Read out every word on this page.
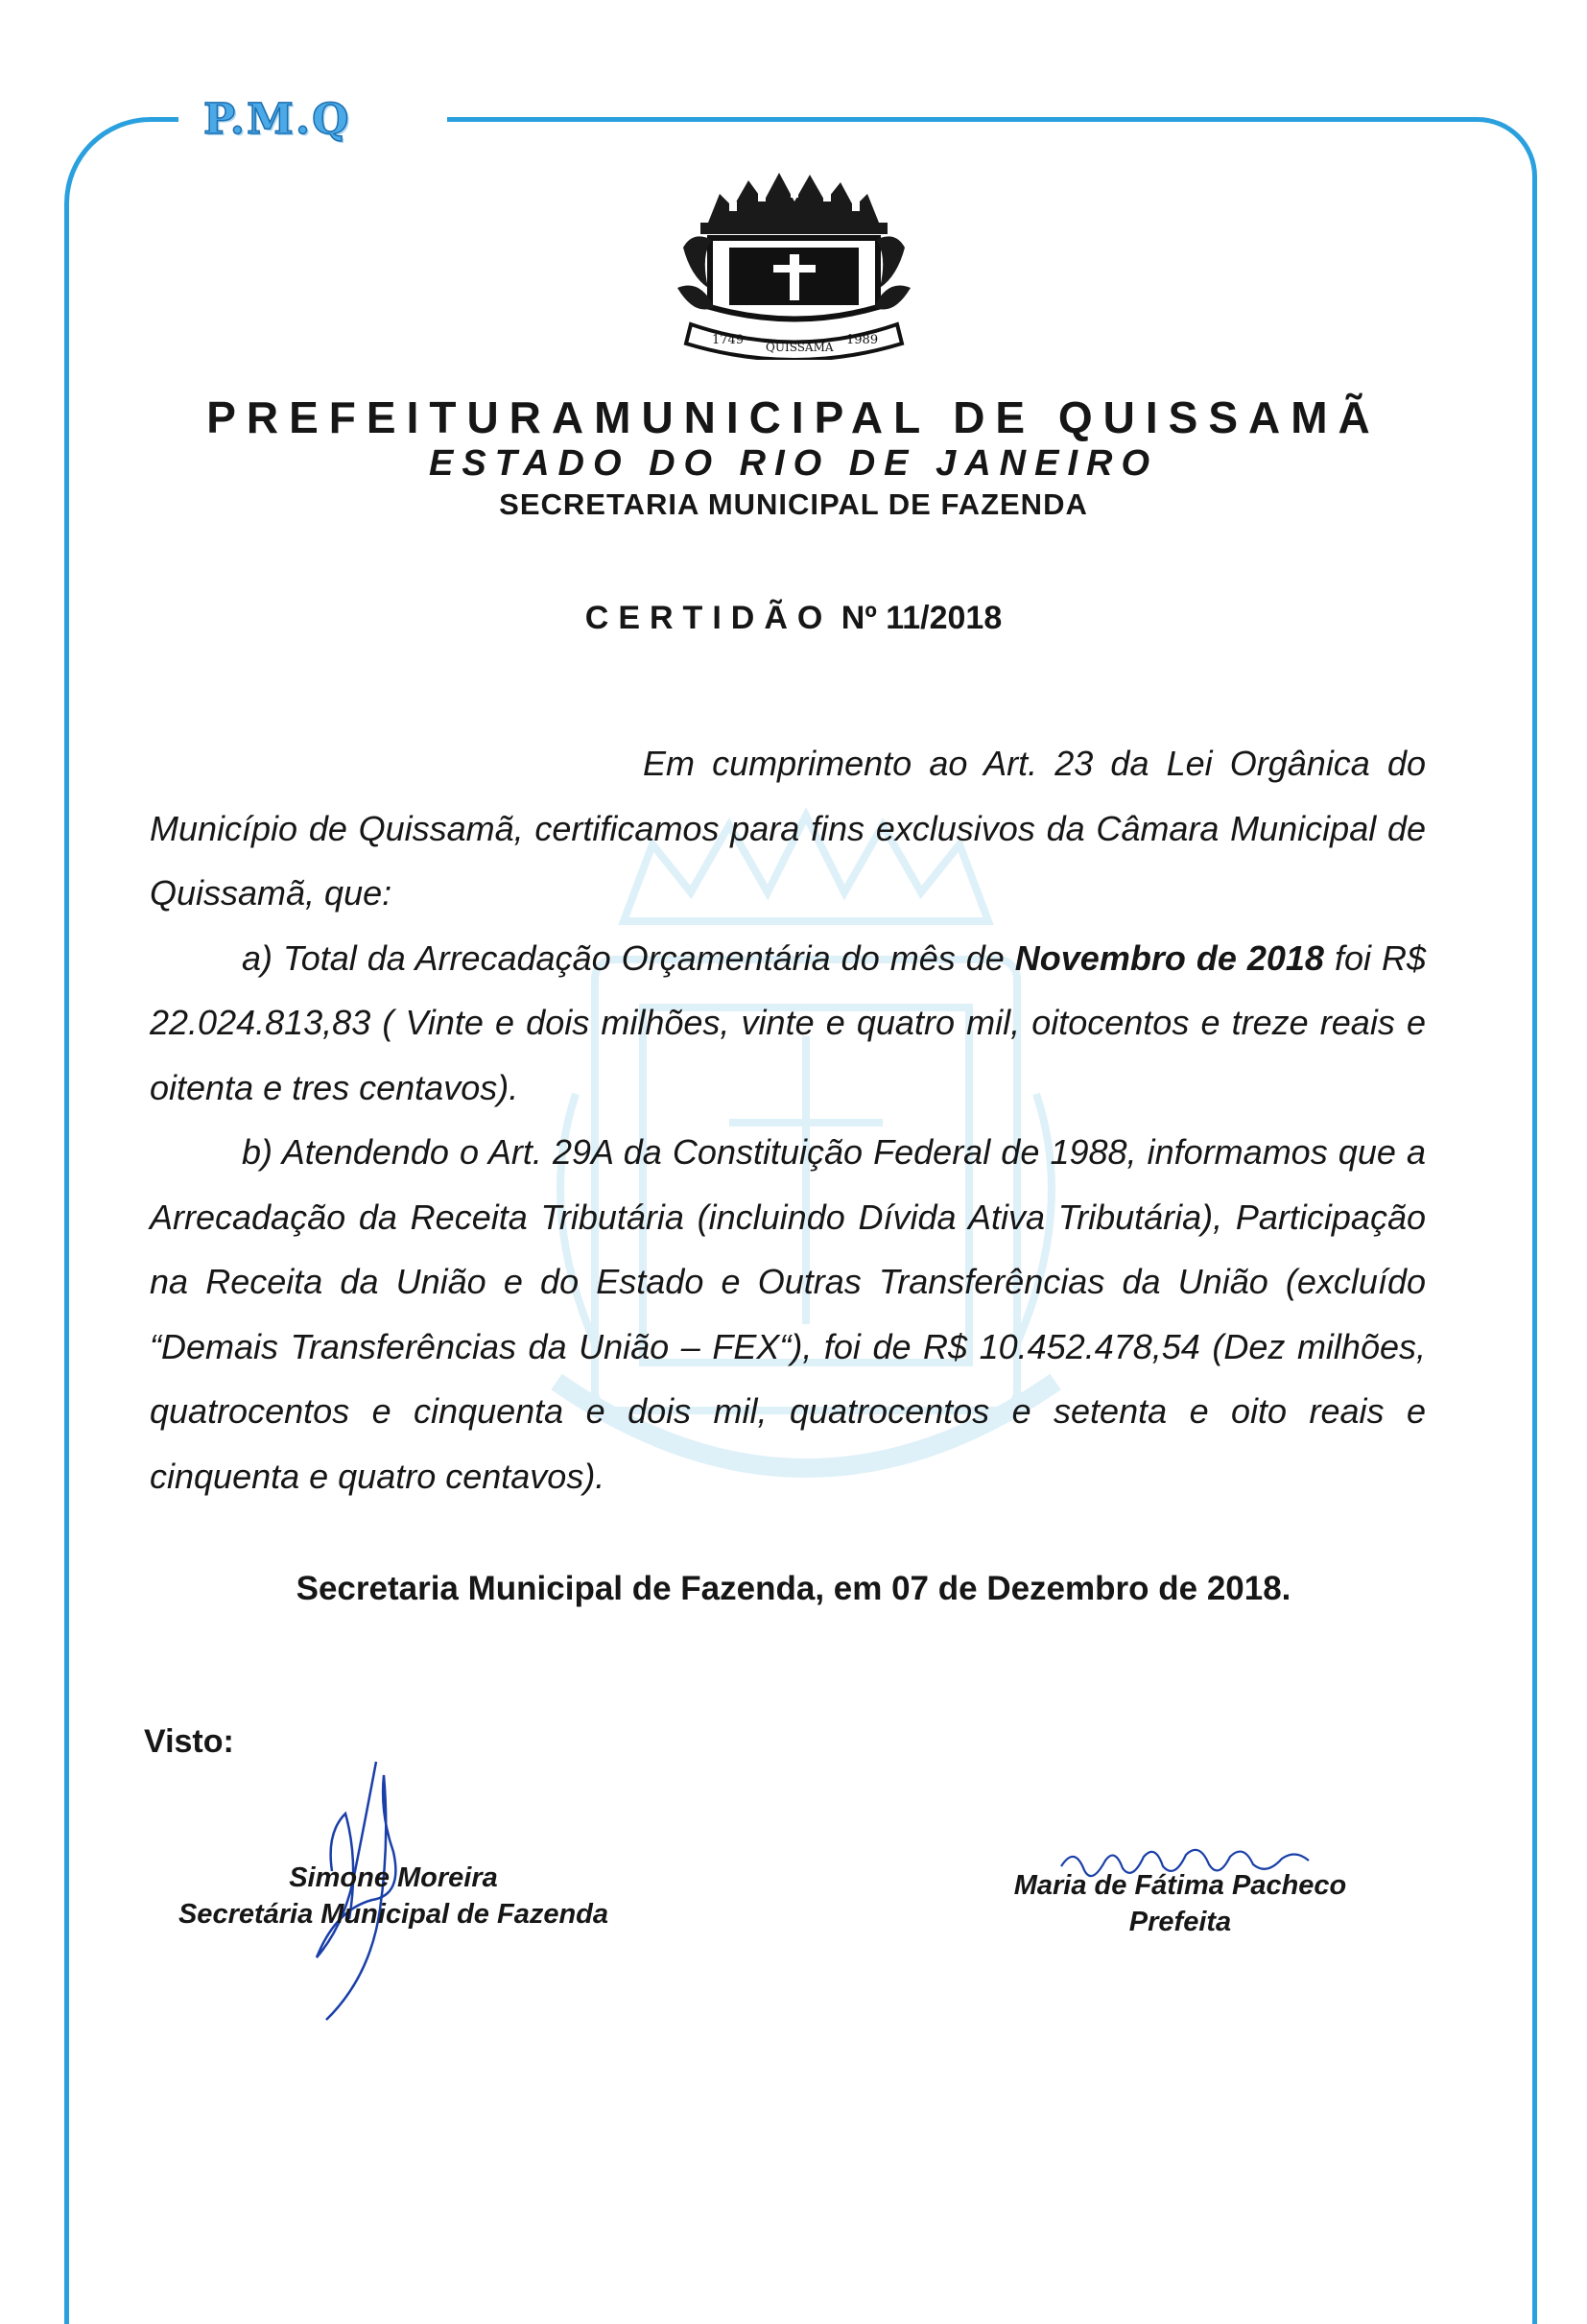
P.M.Q
1749 QUISSAMÃ 1989
PREFEITURAMUNICIPAL DE QUISSAMÃ
ESTADO DO RIO DE JANEIRO
SECRETARIA MUNICIPAL DE FAZENDA
CERTIDÃO Nº 11/2018

Em cumprimento ao Art. 23 da Lei Orgânica do Município de Quissamã, certificamos para fins exclusivos da Câmara Municipal de Quissamã, que:

a) Total da Arrecadação Orçamentária do mês de Novembro de 2018 foi R$ 22.024.813,83 ( Vinte e dois milhões, vinte e quatro mil, oitocentos e treze reais e oitenta e tres centavos).

b) Atendendo o Art. 29A da Constituição Federal de 1988, informamos que a Arrecadação da Receita Tributária (incluindo Dívida Ativa Tributária), Participação na Receita da União e do Estado e Outras Transferências da União (excluído “Demais Transferências da União – FEX“), foi de R$ 10.452.478,54 (Dez milhões, quatrocentos e cinquenta e dois mil, quatrocentos e setenta e oito reais e cinquenta e quatro centavos).

Secretaria Municipal de Fazenda, em 07 de Dezembro de 2018.
Visto:
Simone Moreira
Secretária Municipal de Fazenda
Maria de Fátima Pacheco
Prefeita
